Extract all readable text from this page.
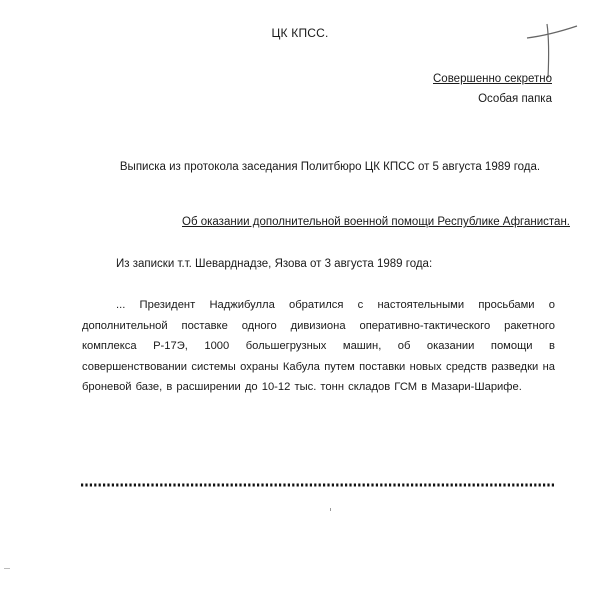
ЦК КПСС.
Совершенно секретно
Особая папка
Выписка из протокола заседания Политбюро ЦК КПСС от 5 августа 1989 года.
Об оказании дополнительной военной помощи Республике Афганистан.
Из записки т.т. Шеварднадзе, Язова от 3 августа 1989 года:
... Президент Наджибулла обратился с настоятельными просьбами о дополнительной поставке одного дивизиона оперативно-тактического ракетного комплекса Р-17Э, 1000 большегрузных машин, об оказании помощи в совершенствовании системы охраны Кабула путем поставки новых средств разведки на броневой базе, в расширении до 10-12 тыс. тонн складов ГСМ в Мазари-Шарифе.
